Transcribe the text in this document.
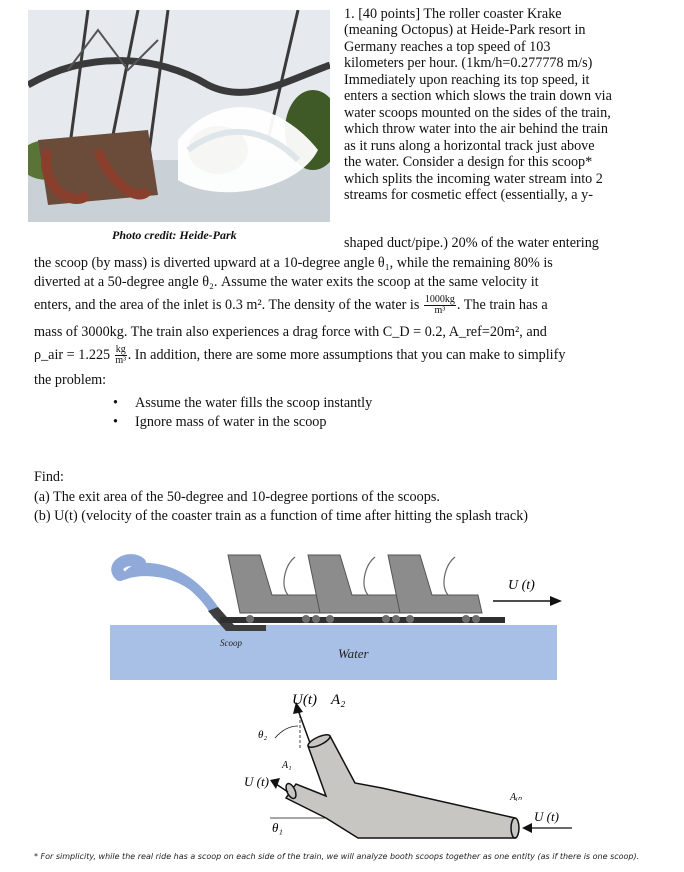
Photo credit: Heide-Park
1. [40 points] The roller coaster Krake
(meaning Octopus) at Heide-Park resort in
Germany reaches a top speed of 103
kilometers per hour. (1km/h=0.277778 m/s)
Immediately upon reaching its top speed, it
enters a section which slows the train down via
water scoops mounted on the sides of the train,
which throw water into the air behind the train
as it runs along a horizontal track just above
the water. Consider a design for this scoop*
which splits the incoming water stream into 2
streams for cosmetic effect (essentially, a y-
shaped duct/pipe.) 20% of the water entering
the scoop (by mass) is diverted upward at a 10-degree angle θ₁, while the remaining 80% is
diverted at a 50-degree angle θ₂. Assume the water exits the scoop at the same velocity it
enters, and the area of the inlet is 0.3 m². The density of the water is $\frac{1000kg}{\text{m³}}$ . The train has a
mass of 3000kg. The train also experiences a drag force with C_D = 0.2, A_ref=20m², and
ρ_air = $1.225 \frac{kg}{\text{m³}}$ . In addition, there are some more assumptions that you can make to simplify
the problem:
• Assume the water fills the scoop instantly
• Ignore mass of water in the scoop
Find:
(a) The exit area of the 50-degree and 10-degree portions of the scoops.
(b) U(t) (velocity of the coaster train as a function of time after hitting the splash track)
U (t)
Scoop
Water
U(t) A₂
θ₂
A₁
U (t)
θ₁
Aᵢₙ
U (t)
* For simplicity, while the real ride has a scoop on each side of the train, we will analyze booth scoops together as one entity (as if there is one scoop).
